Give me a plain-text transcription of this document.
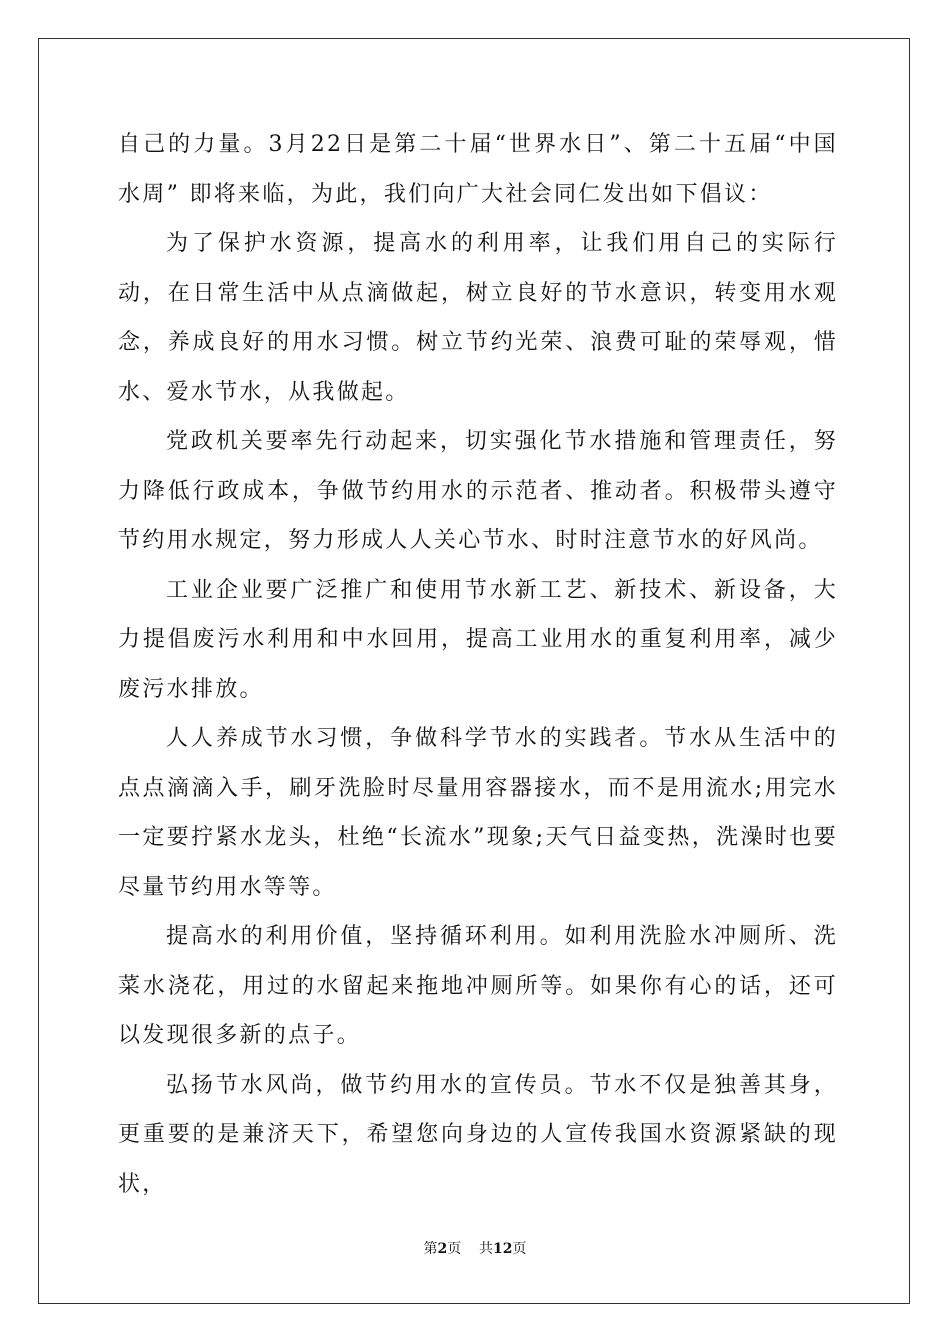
自己的力量。3月22日是第二十届“世界水日”、第二十五届“中国水周” 即将来临，为此，我们向广大社会同仁发出如下倡议：

为了保护水资源，提高水的利用率，让我们用自己的实际行动，在日常生活中从点滴做起，树立良好的节水意识，转变用水观念，养成良好的用水习惯。树立节约光荣、浪费可耻的荣辱观，惜水、爱水节水，从我做起。

党政机关要率先行动起来，切实强化节水措施和管理责任，努力降低行政成本，争做节约用水的示范者、推动者。积极带头遵守节约用水规定，努力形成人人关心节水、时时注意节水的好风尚。

工业企业要广泛推广和使用节水新工艺、新技术、新设备，大力提倡废污水利用和中水回用，提高工业用水的重复利用率，减少废污水排放。

人人养成节水习惯，争做科学节水的实践者。节水从生活中的点点滴滴入手，刷牙洗脸时尽量用容器接水，而不是用流水;用完水一定要拧紧水龙头，杜绝“长流水”现象;天气日益变热，洗澡时也要尽量节约用水等等。

提高水的利用价值，坚持循环利用。如利用洗脸水冲厕所、洗菜水浇花，用过的水留起来拖地冲厕所等。如果你有心的话，还可以发现很多新的点子。

弘扬节水风尚，做节约用水的宣传员。节水不仅是独善其身，更重要的是兼济天下，希望您向身边的人宣传我国水资源紧缺的现状，

第2页 共12页
